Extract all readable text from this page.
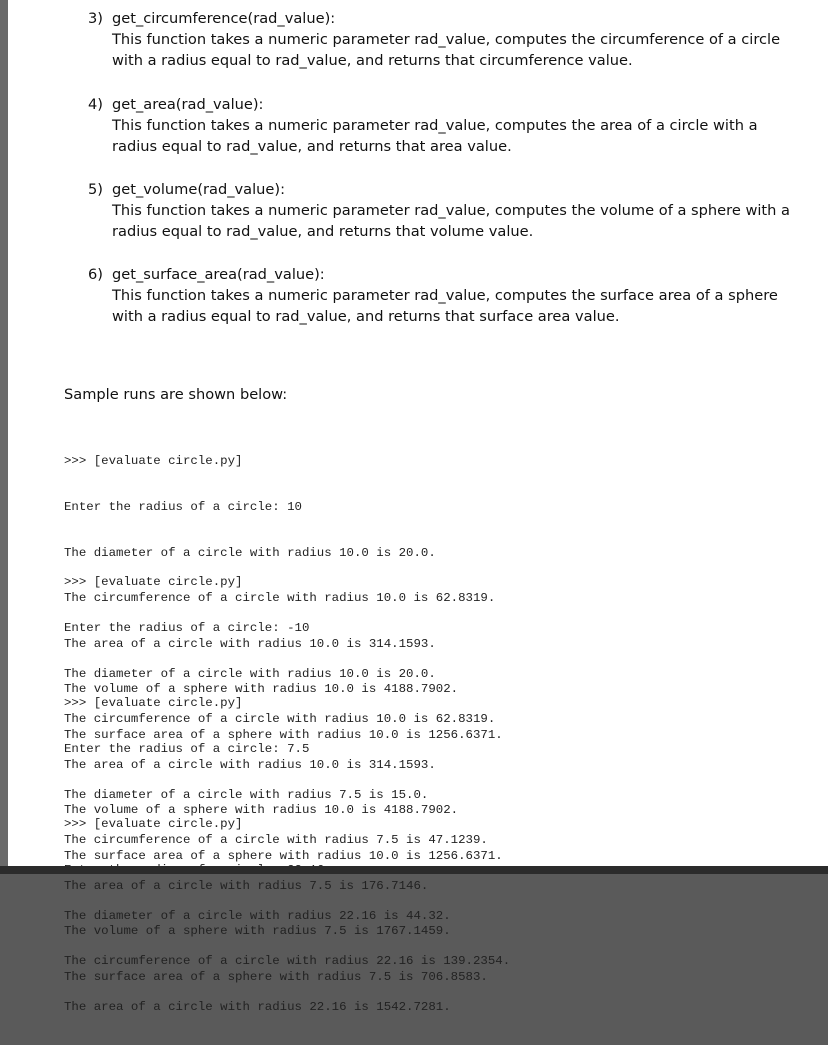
3) get_circumference(rad_value):
This function takes a numeric parameter rad_value, computes the circumference of a circle with a radius equal to rad_value, and returns that circumference value.
4) get_area(rad_value):
This function takes a numeric parameter rad_value, computes the area of a circle with a radius equal to rad_value, and returns that area value.
5) get_volume(rad_value):
This function takes a numeric parameter rad_value, computes the volume of a sphere with a radius equal to rad_value, and returns that volume value.
6) get_surface_area(rad_value):
This function takes a numeric parameter rad_value, computes the surface area of a sphere with a radius equal to rad_value, and returns that surface area value.
Sample runs are shown below:

>>> [evaluate circle.py]

Enter the radius of a circle: 10

The diameter of a circle with radius 10.0 is 20.0.

The circumference of a circle with radius 10.0 is 62.8319.

The area of a circle with radius 10.0 is 314.1593.

The volume of a sphere with radius 10.0 is 4188.7902.

The surface area of a sphere with radius 10.0 is 1256.6371.

>>> [evaluate circle.py]

Enter the radius of a circle: -10

The diameter of a circle with radius 10.0 is 20.0.

The circumference of a circle with radius 10.0 is 62.8319.

The area of a circle with radius 10.0 is 314.1593.

The volume of a sphere with radius 10.0 is 4188.7902.

The surface area of a sphere with radius 10.0 is 1256.6371.

>>> [evaluate circle.py]

Enter the radius of a circle: 7.5

The diameter of a circle with radius 7.5 is 15.0.

The circumference of a circle with radius 7.5 is 47.1239.

The area of a circle with radius 7.5 is 176.7146.

The volume of a sphere with radius 7.5 is 1767.1459.

The surface area of a sphere with radius 7.5 is 706.8583.

>>> [evaluate circle.py]

The diameter of a circle with radius 22.16 is 44.32.

The circumference of a circle with radius 22.16 is 139.2354.

The area of a circle with radius 22.16 is 1542.7281.
